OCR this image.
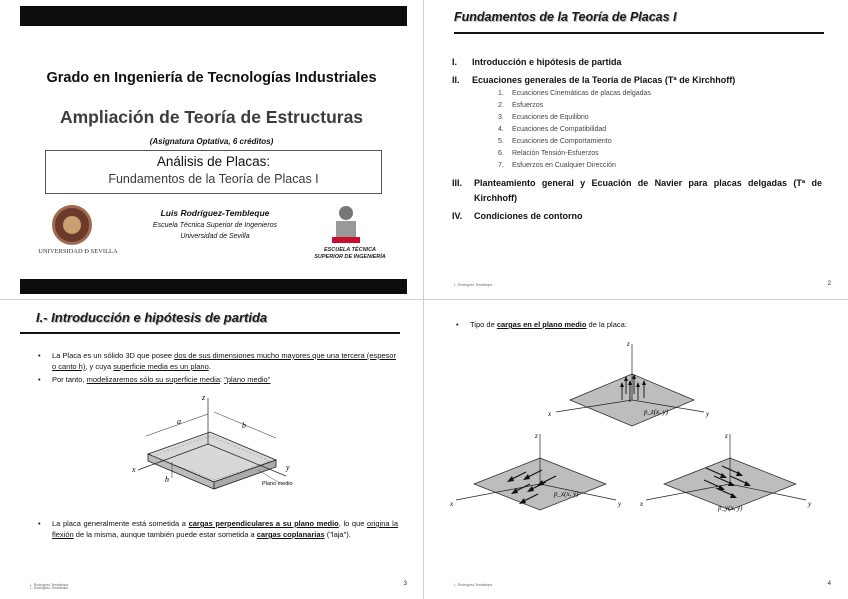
Grado en Ingeniería de Tecnologías Industriales
Ampliación de Teoría de Estructuras
(Asignatura Optativa, 6 créditos)
Análisis de Placas:
Fundamentos de la Teoría de Placas I
UNIVERSIDAD Ð SEVILLA
Luis Rodríguez-Tembleque
Escuela Técnica Superior de Ingenieros
Universidad de Sevilla
ESCUELA TÉCNICA
SUPERIOR DE INGENIERÍA
Fundamentos de la Teoría de Placas I
I.	Introducción e hipótesis de partida
II.	Ecuaciones generales de la Teoría de Placas (Tª de Kirchhoff)
1.	Ecuaciones Cinemáticas de placas delgadas
2.	Esfuerzos
3.	Ecuaciones de Equilibrio
4.	Ecuaciones de Compatibilidad
5.	Ecuaciones de Comportamiento
6.	Relación Tensión-Esfuerzos
7.	Esfuerzos en Cualquier Dirección
III.	Planteamiento general y Ecuación de Navier para placas delgadas (Tª de Kirchhoff)
IV.	Condiciones de contorno
L. Rodríguez-Tembleque	2
I.- Introducción e hipótesis de partida
•	La Placa es un sólido 3D que posee dos de sus dimensiones mucho mayores que una tercera (espesor o canto h), y cuya superficie media es un plano.
•	Por tanto, modelizaremos sólo su superficie media: "plano medio"
a	b
h
x	y
z
Plano medio
•	La placa generalmente está sometida a cargas perpendiculares a su plano medio, lo que origina la flexión de la misma, aunque también puede estar sometida a cargas coplanarias ("laja").
L. Rodríguez-Tembleque	3
•	Tipo de cargas en el plano medio de la placa:
z
x	y
p_z(x, y)
z
x	y
p_x(x, y)
z
x	y
p_y(x, y)
L. Rodríguez-Tembleque	4
L. Rodríguez-Tembleque
